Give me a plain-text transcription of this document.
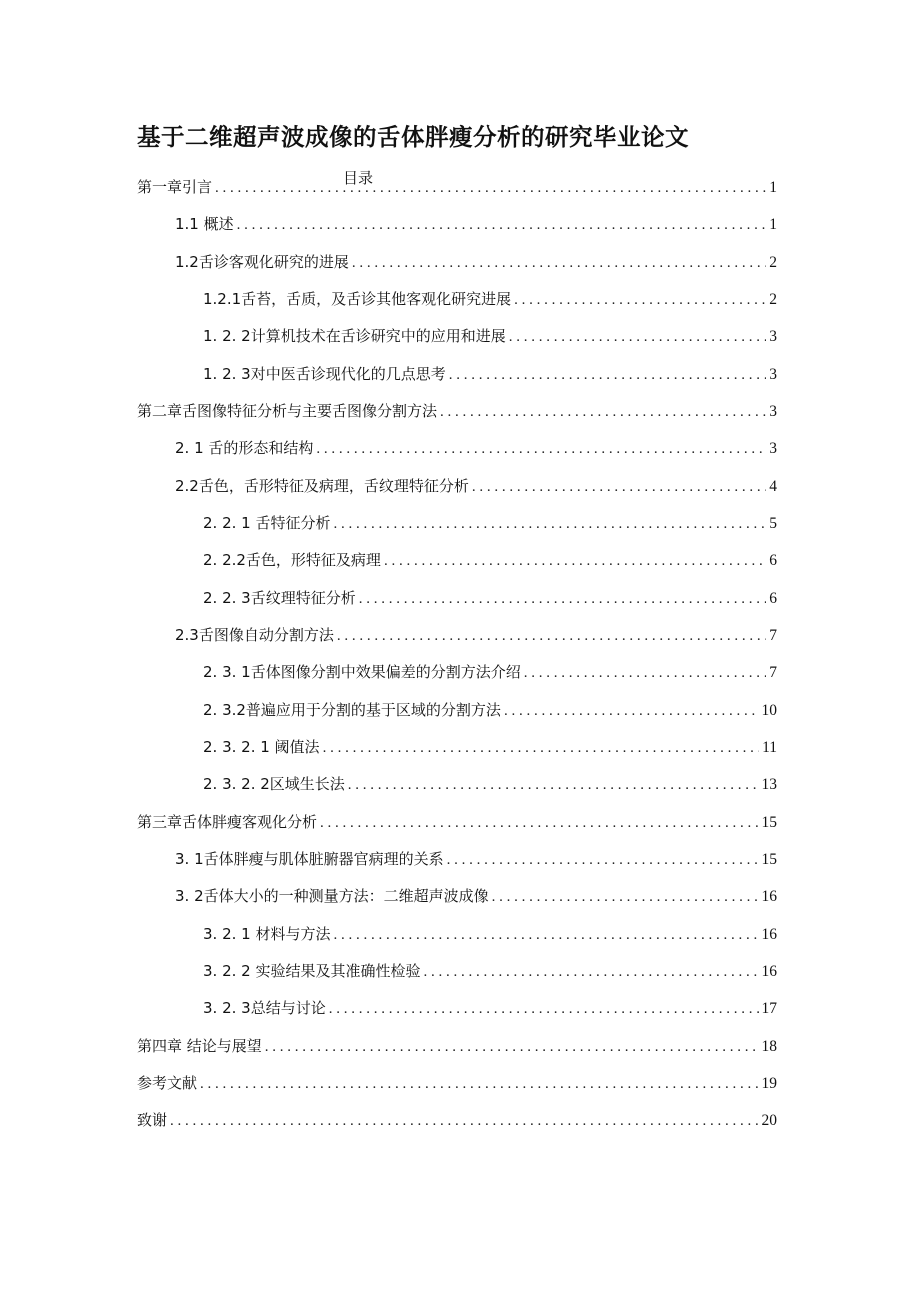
基于二维超声波成像的舌体胖瘦分析的研究毕业论文
目录
第一章引言 . . .	1
1.1 概述 . . .	1
1.2舌诊客观化研究的进展 . . .	2
1.2.1舌苔，舌质，及舌诊其他客观化研究进展 . . .	2
1. 2. 2计算机技术在舌诊研究中的应用和进展 . . .	3
1. 2. 3对中医舌诊现代化的几点思考 . . .	3
第二章舌图像特征分析与主要舌图像分割方法 . . .	3
2. 1 舌的形态和结构 . . .	3
2.2舌色，舌形特征及病理，舌纹理特征分析 . . .	4
2. 2. 1 舌特征分析 . . .	5
2. 2.2舌色，形特征及病理 . . .	6
2. 2. 3舌纹理特征分析 . . .	6
2.3舌图像自动分割方法 . . .	7
2. 3. 1舌体图像分割中效果偏差的分割方法介绍 . . .	7
2. 3.2普遍应用于分割的基于区域的分割方法 . . .	10
2. 3. 2. 1 阈值法 . . .	11
2. 3. 2. 2区域生长法 . . .	13
第三章舌体胖瘦客观化分析 . . .	15
3. 1舌体胖瘦与肌体脏腑器官病理的关系 . . .	15
3. 2舌体大小的一种测量方法：二维超声波成像 . . .	16
3. 2. 1 材料与方法 . . .	16
3. 2. 2 实验结果及其准确性检验 . . .	16
3. 2. 3总结与讨论 . . .	17
第四章 结论与展望 . . .	18
参考文献 . . .	19
致谢 . . .	20
